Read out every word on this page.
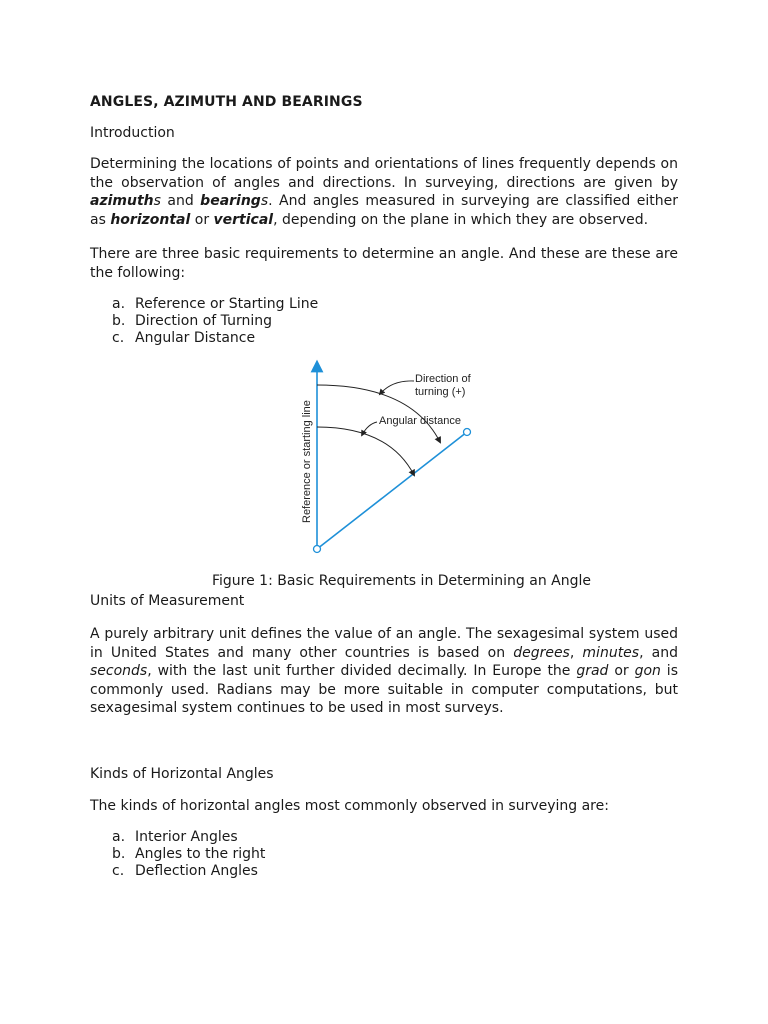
ANGLES, AZIMUTH AND BEARINGS

Introduction

Determining the locations of points and orientations of lines frequently depends on the observation of angles and directions. In surveying, directions are given by azimuths and bearings. And angles measured in surveying are classified either as horizontal or vertical, depending on the plane in which they are observed.

There are three basic requirements to determine an angle. And these are these are the following:

a. Reference or Starting Line
b. Direction of Turning
c. Angular Distance
Direction of
turning (+)
Angular distance
Reference or starting line

Figure 1: Basic Requirements in Determining an Angle

Units of Measurement

A purely arbitrary unit defines the value of an angle. The sexagesimal system used in United States and many other countries is based on degrees, minutes, and seconds, with the last unit further divided decimally. In Europe the grad or gon is commonly used. Radians may be more suitable in computer computations, but sexagesimal system continues to be used in most surveys.

Kinds of Horizontal Angles

The kinds of horizontal angles most commonly observed in surveying are:

a. Interior Angles
b. Angles to the right
c. Deflection Angles
